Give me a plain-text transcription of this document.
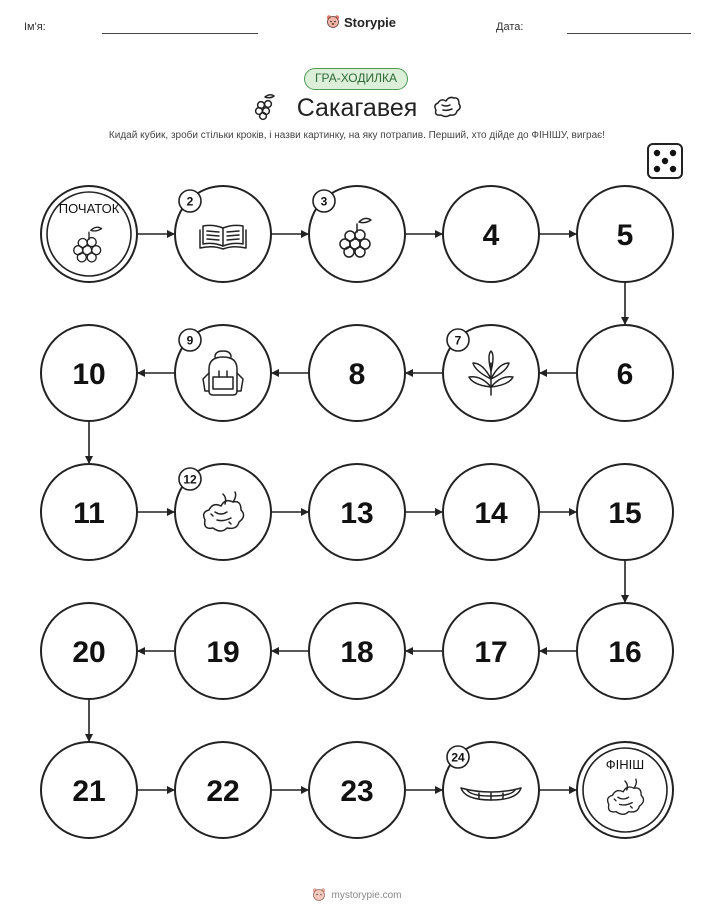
Ім'я:	Storypie	Дата:
ГРА-ХОДИЛКА
Сакагавея
Кидай кубик, зроби стільки кроків, і назви картинку, на яку потрапив. Перший, хто дійде до ФІНІШУ, виграє!
ПОЧАТОК	2	3
4	5
6
7
8
9
10
11
12
13	14	15
16
17
18
19
20
21	22	23
24	ФІНІШ
mystorypie.com
